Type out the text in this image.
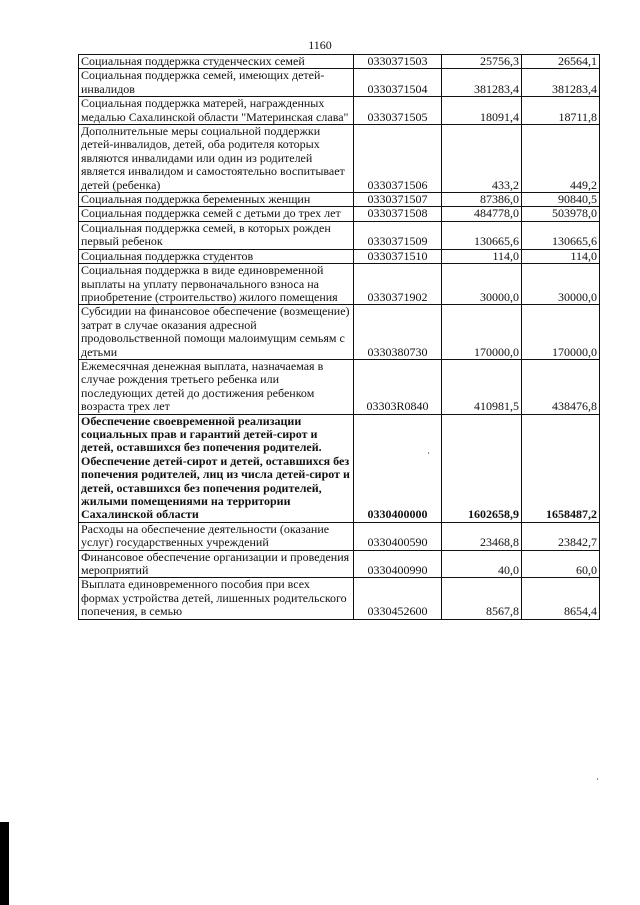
1160
Социальная поддержка студенческих семей	0330371503	25756,3	26564,1
Социальная поддержка семей, имеющих детей-инвалидов	0330371504	381283,4	381283,4
Социальная поддержка матерей, награжденных медалью Сахалинской области "Материнская слава"	0330371505	18091,4	18711,8
Дополнительные меры социальной поддержки детей-инвалидов, детей, оба родителя которых являются инвалидами или один из родителей является инвалидом и самостоятельно воспитывает детей (ребенка)	0330371506	433,2	449,2
Социальная поддержка беременных женщин	0330371507	87386,0	90840,5
Социальная поддержка семей с детьми до трех лет	0330371508	484778,0	503978,0
Социальная поддержка семей, в которых рожден первый ребенок	0330371509	130665,6	130665,6
Социальная поддержка студентов	0330371510	114,0	114,0
Социальная поддержка в виде единовременной выплаты на уплату первоначального взноса на приобретение (строительство) жилого помещения	0330371902	30000,0	30000,0
Субсидии на финансовое обеспечение (возмещение) затрат в случае оказания адресной продовольственной помощи малоимущим семьям с детьми	0330380730	170000,0	170000,0
Ежемесячная денежная выплата, назначаемая в случае рождения третьего ребенка или последующих детей до достижения ребенком возраста трех лет	03303R0840	410981,5	438476,8
Обеспечение своевременной реализации социальных прав и гарантий детей-сирот и детей, оставшихся без попечения родителей. Обеспечение детей-сирот и детей, оставшихся без попечения родителей, лиц из числа детей-сирот и детей, оставшихся без попечения родителей, жилыми помещениями на территории Сахалинской области	0330400000	1602658,9	1658487,2
Расходы на обеспечение деятельности (оказание услуг) государственных учреждений	0330400590	23468,8	23842,7
Финансовое обеспечение организации и проведения мероприятий	0330400990	40,0	60,0
Выплата единовременного пособия при всех формах устройства детей, лишенных родительского попечения, в семью	0330452600	8567,8	8654,4
